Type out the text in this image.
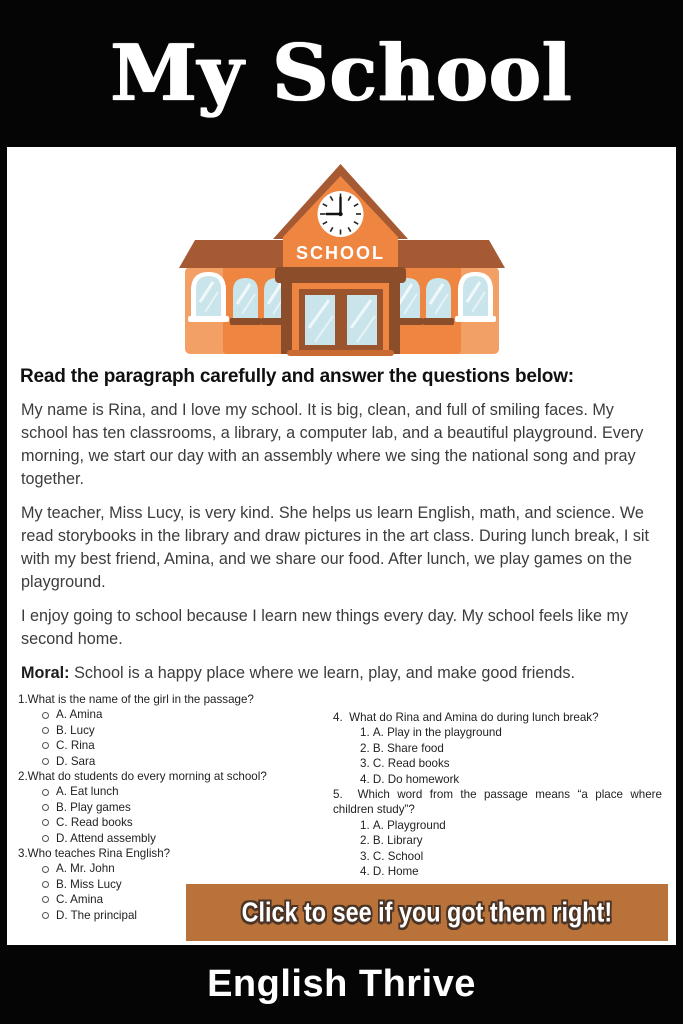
My School
SCHOOL
Read the paragraph carefully and answer the questions below:

My name is Rina, and I love my school. It is big, clean, and full of smiling faces. My school has ten classrooms, a library, a computer lab, and a beautiful playground. Every morning, we start our day with an assembly where we sing the national song and pray together.

My teacher, Miss Lucy, is very kind. She helps us learn English, math, and science. We read storybooks in the library and draw pictures in the art class. During lunch break, I sit with my best friend, Amina, and we share our food. After lunch, we play games on the playground.

I enjoy going to school because I learn new things every day. My school feels like my second home.

Moral: School is a happy place where we learn, play, and make good friends.

1.What is the name of the girl in the passage?
A. Amina
B. Lucy
C. Rina
D. Sara
2.What do students do every morning at school?
A. Eat lunch
B. Play games
C. Read books
D. Attend assembly
3.Who teaches Rina English?
A. Mr. John
B. Miss Lucy
C. Amina
D. The principal
4.  What do Rina and Amina do during lunch break?
1. A. Play in the playground
2. B. Share food
3. C. Read books
4. D. Do homework
5.  Which word from the passage means “a place where children study”?
1. A. Playground
2. B. Library
3. C. School
4. D. Home
Click to see if you got them right!
English Thrive
